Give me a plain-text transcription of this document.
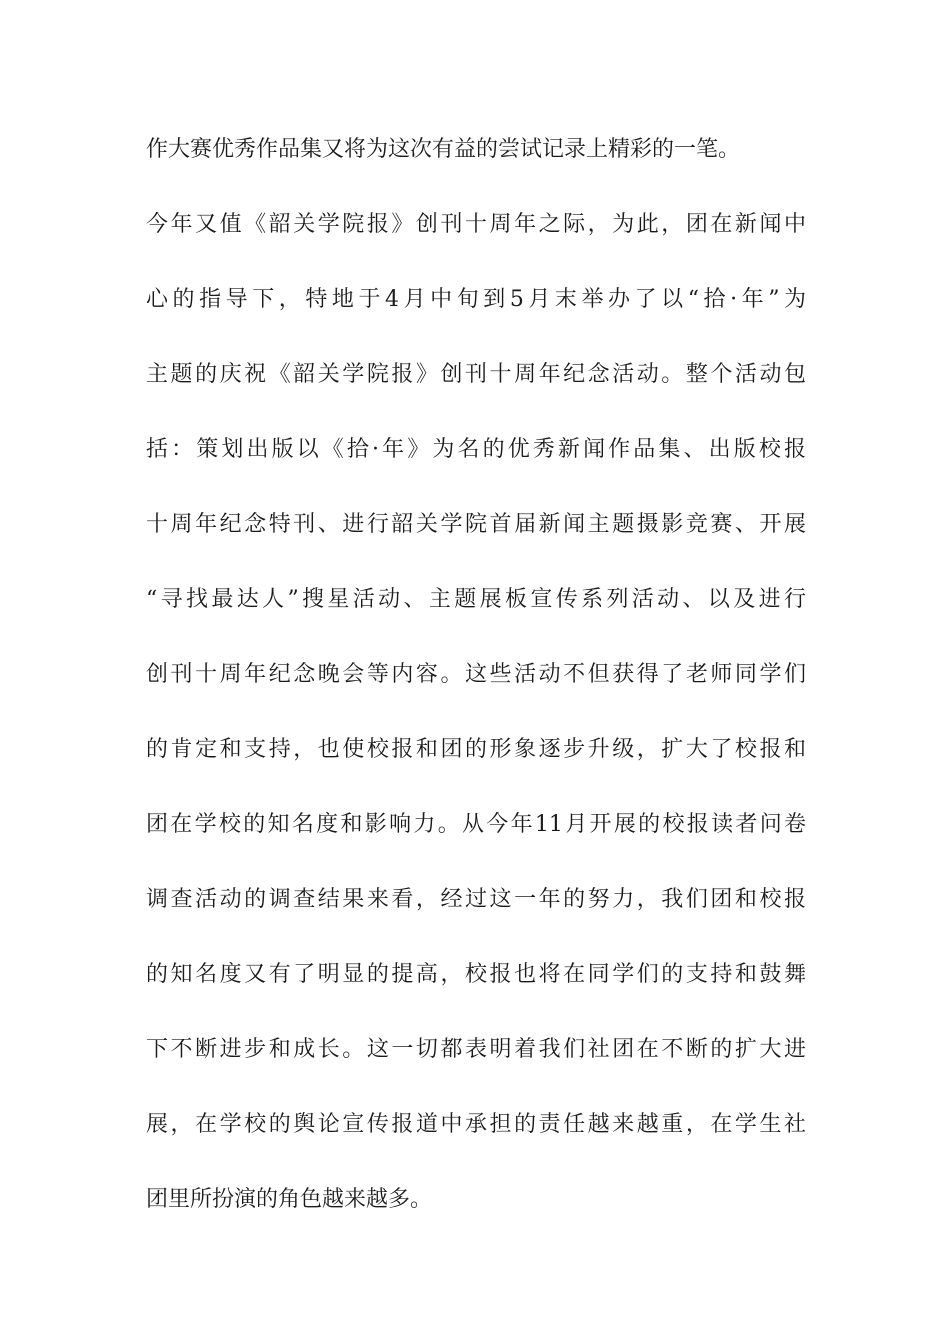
作大赛优秀作品集又将为这次有益的尝试记录上精彩的一笔。
今年又值《韶关学院报》创刊十周年之际，为此，团在新闻中
心的指导下，特地于4月中旬到5月末举办了以“拾·年”为
主题的庆祝《韶关学院报》创刊十周年纪念活动。整个活动包
括：策划出版以《拾·年》为名的优秀新闻作品集、出版校报
十周年纪念特刊、进行韶关学院首届新闻主题摄影竞赛、开展
“寻找最达人”搜星活动、主题展板宣传系列活动、以及进行
创刊十周年纪念晚会等内容。这些活动不但获得了老师同学们
的肯定和支持，也使校报和团的形象逐步升级，扩大了校报和
团在学校的知名度和影响力。从今年11月开展的校报读者问卷
调查活动的调查结果来看，经过这一年的努力，我们团和校报
的知名度又有了明显的提高，校报也将在同学们的支持和鼓舞
下不断进步和成长。这一切都表明着我们社团在不断的扩大进
展，在学校的舆论宣传报道中承担的责任越来越重，在学生社
团里所扮演的角色越来越多。
